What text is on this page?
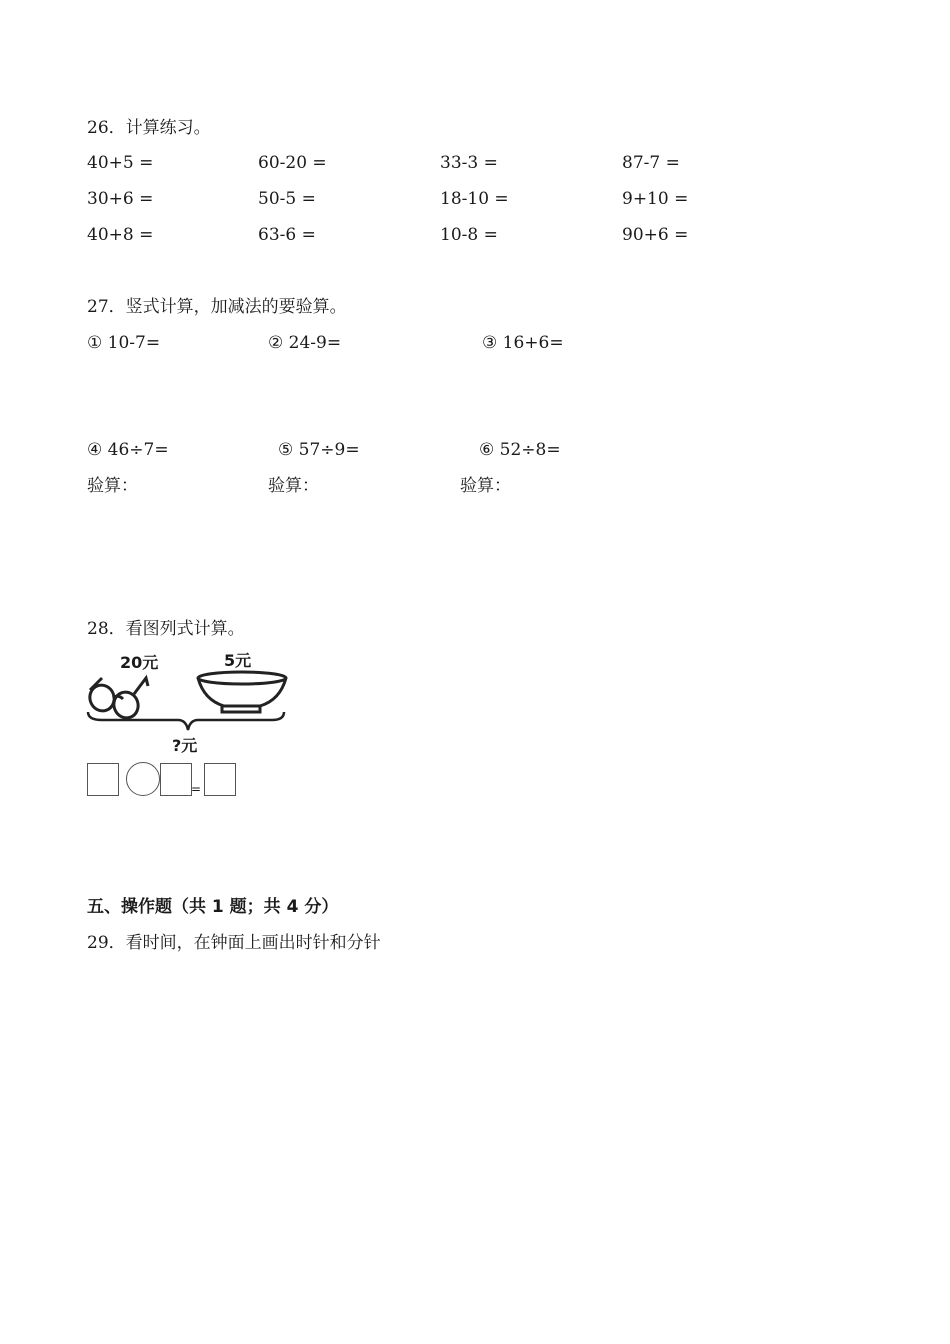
26．计算练习。
40+5 =	60-20 =	33-3 =	87-7 =
30+6 =	50-5 =	18-10 =	9+10 =
40+8 =	63-6 =	10-8 =	90+6 =
27．竖式计算，加减法的要验算。
① 10-7=	② 24-9=	③ 16+6=
④ 46÷7=	⑤ 57÷9=	⑥ 52÷8=
验算：	验算：	验算：
28．看图列式计算。
20元	5元
?元
=
五、操作题（共 1 题；共 4 分）
29．看时间，在钟面上画出时针和分针
